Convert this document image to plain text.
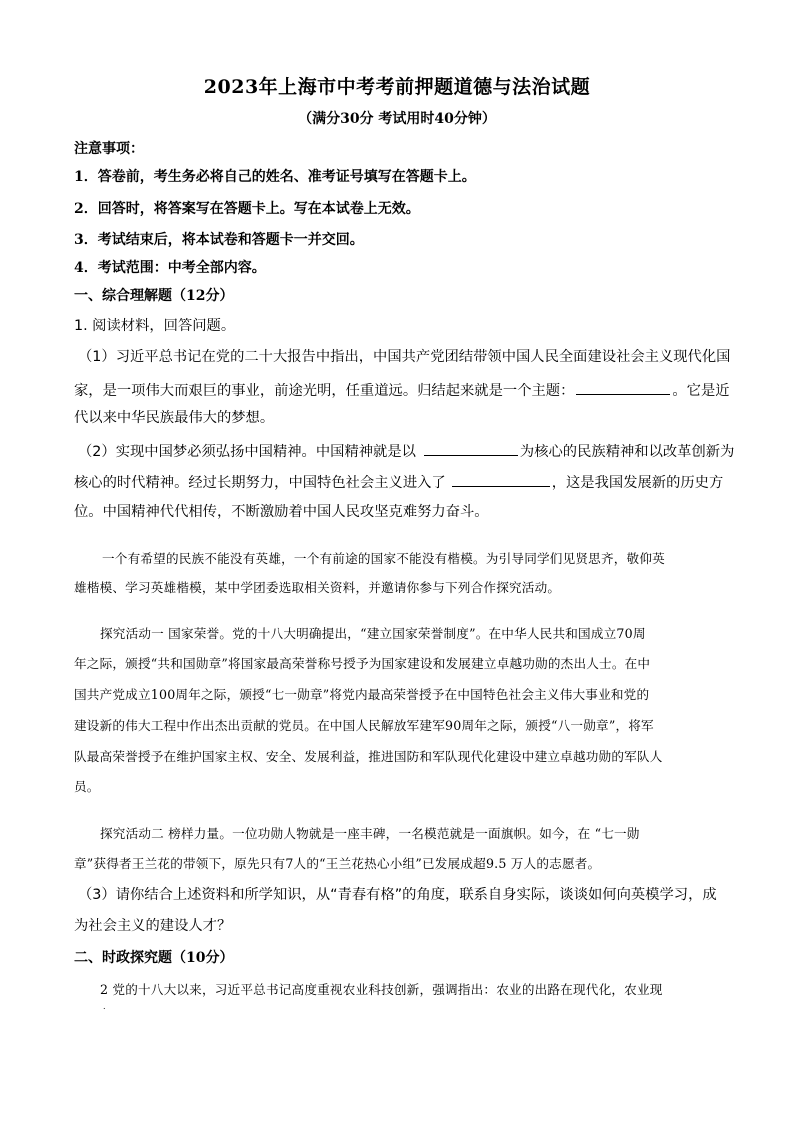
2023年上海市中考考前押题道德与法治试题
（满分30分 考试用时40分钟）
注意事项：
1．答卷前，考生务必将自己的姓名、准考证号填写在答题卡上。
2．回答时，将答案写在答题卡上。写在本试卷上无效。
3．考试结束后，将本试卷和答题卡一并交回。
4．考试范围：中考全部内容。
一、综合理解题（12分）
1. 阅读材料，回答问题。
（1）习近平总书记在党的二十大报告中指出，中国共产党团结带领中国人民全面建设社会主义现代化国
家，是一项伟大而艰巨的事业，前途光明，任重道远。归结起来就是一个主题：	。它是近
代以来中华民族最伟大的梦想。
（2）实现中国梦必须弘扬中国精神。中国精神就是以	为核心的民族精神和以改革创新为
核心的时代精神。经过长期努力，中国特色社会主义进入了	，这是我国发展新的历史方
位。中国精神代代相传，不断激励着中国人民攻坚克难努力奋斗。
一个有希望的民族不能没有英雄，一个有前途的国家不能没有楷模。为引导同学们见贤思齐，敬仰英
雄楷模、学习英雄楷模，某中学团委选取相关资料，并邀请你参与下列合作探究活动。
探究活动一 国家荣誉。党的十八大明确提出，“建立国家荣誉制度”。在中华人民共和国成立70周
年之际，颁授“共和国勋章”将国家最高荣誉称号授予为国家建设和发展建立卓越功勋的杰出人士。在中
国共产党成立100周年之际，颁授“七一勋章”将党内最高荣誉授予在中国特色社会主义伟大事业和党的
建设新的伟大工程中作出杰出贡献的党员。在中国人民解放军建军90周年之际，颁授“八一勋章”，将军
队最高荣誉授予在维护国家主权、安全、发展利益，推进国防和军队现代化建设中建立卓越功勋的军队人
员。
探究活动二 榜样力量。一位功勋人物就是一座丰碑，一名模范就是一面旗帜。如今，在 “七一勋
章”获得者王兰花的带领下，原先只有7人的“王兰花热心小组”已发展成超9.5 万人的志愿者。
（3）请你结合上述资料和所学知识，从“青春有格”的角度，联系自身实际，谈谈如何向英模学习，成
为社会主义的建设人才？
二、时政探究题（10分）
2 党的十八大以来，习近平总书记高度重视农业科技创新，强调指出：农业的出路在现代化，农业现
.
